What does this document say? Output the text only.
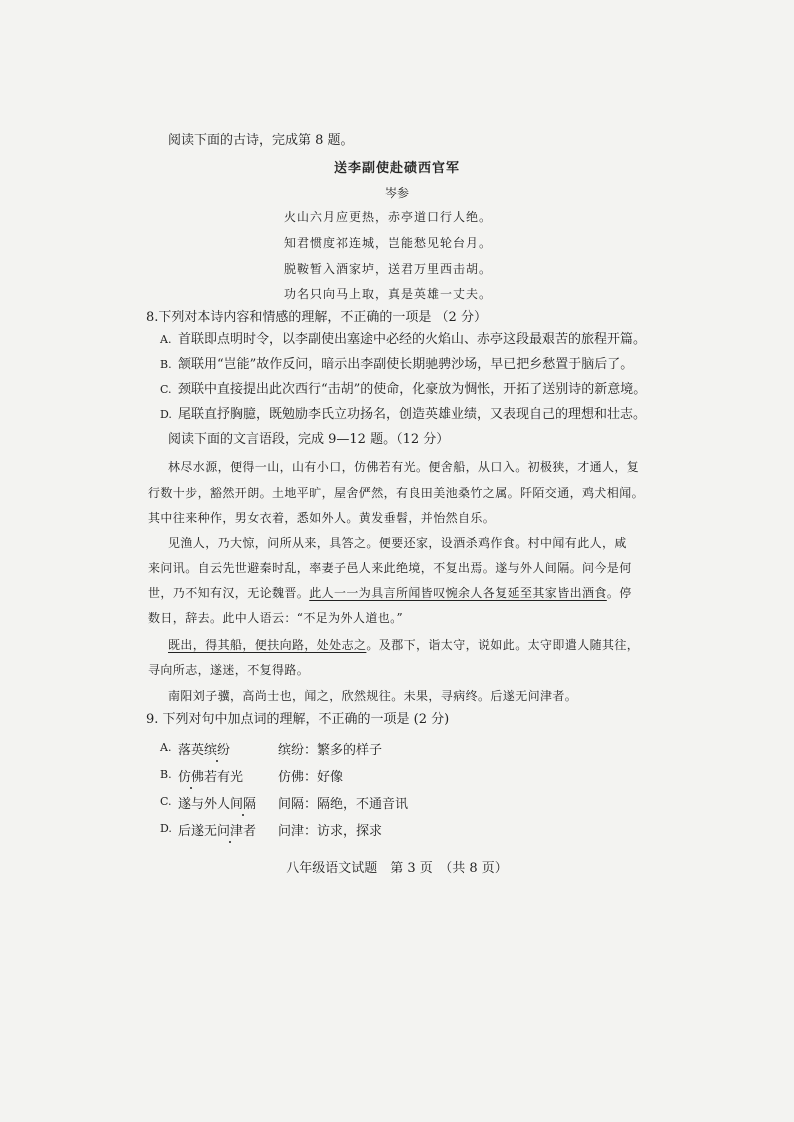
阅读下面的古诗，完成第 8 题。
送李副使赴碛西官军
岑参
火山六月应更热，赤亭道口行人绝。
知君惯度祁连城，岂能愁见轮台月。
脱鞍暂入酒家垆，送君万里西击胡。
功名只向马上取，真是英雄一丈夫。
8.下列对本诗内容和情感的理解，不正确的一项是 （2 分）
A. 首联即点明时令，以李副使出塞途中必经的火焰山、赤亭这段最艰苦的旅程开篇。
B. 颔联用“岂能”故作反问，暗示出李副使长期驰骋沙场，早已把乡愁置于脑后了。
C. 颈联中直接提出此次西行“击胡”的使命，化豪放为惆怅，开拓了送别诗的新意境。
D. 尾联直抒胸臆，既勉励李氏立功扬名，创造英雄业绩，又表现自己的理想和壮志。
阅读下面的文言语段，完成 9—12 题。（12 分）
林尽水源，便得一山，山有小口，仿佛若有光。便舍船，从口入。初极狭，才通人，复
行数十步，豁然开朗。土地平旷，屋舍俨然，有良田美池桑竹之属。阡陌交通，鸡犬相闻。
其中往来种作，男女衣着，悉如外人。黄发垂髫，并怡然自乐。
见渔人，乃大惊，问所从来，具答之。便要还家，设酒杀鸡作食。村中闻有此人，咸
来问讯。自云先世避秦时乱，率妻子邑人来此绝境，不复出焉。遂与外人间隔。问今是何
世，乃不知有汉，无论魏晋。此人一一为具言所闻皆叹惋余人各复延至其家皆出酒食。停
数日，辞去。此中人语云：“不足为外人道也。”
既出，得其船，便扶向路，处处志之。及郡下，诣太守，说如此。太守即遣人随其往，
寻向所志，遂迷，不复得路。
南阳刘子骥，高尚士也，闻之，欣然规往。未果，寻病终。后遂无问津者。
9. 下列对句中加点词的理解，不正确的一项是 (2 分)
A. 落英缤纷	缤纷：繁多的样子
B. 仿佛若有光	仿佛：好像
C. 遂与外人间隔 间隔：隔绝，不通音讯
D. 后遂无问津者 问津：访求，探求
八年级语文试题　第 3 页　（共 8 页）
